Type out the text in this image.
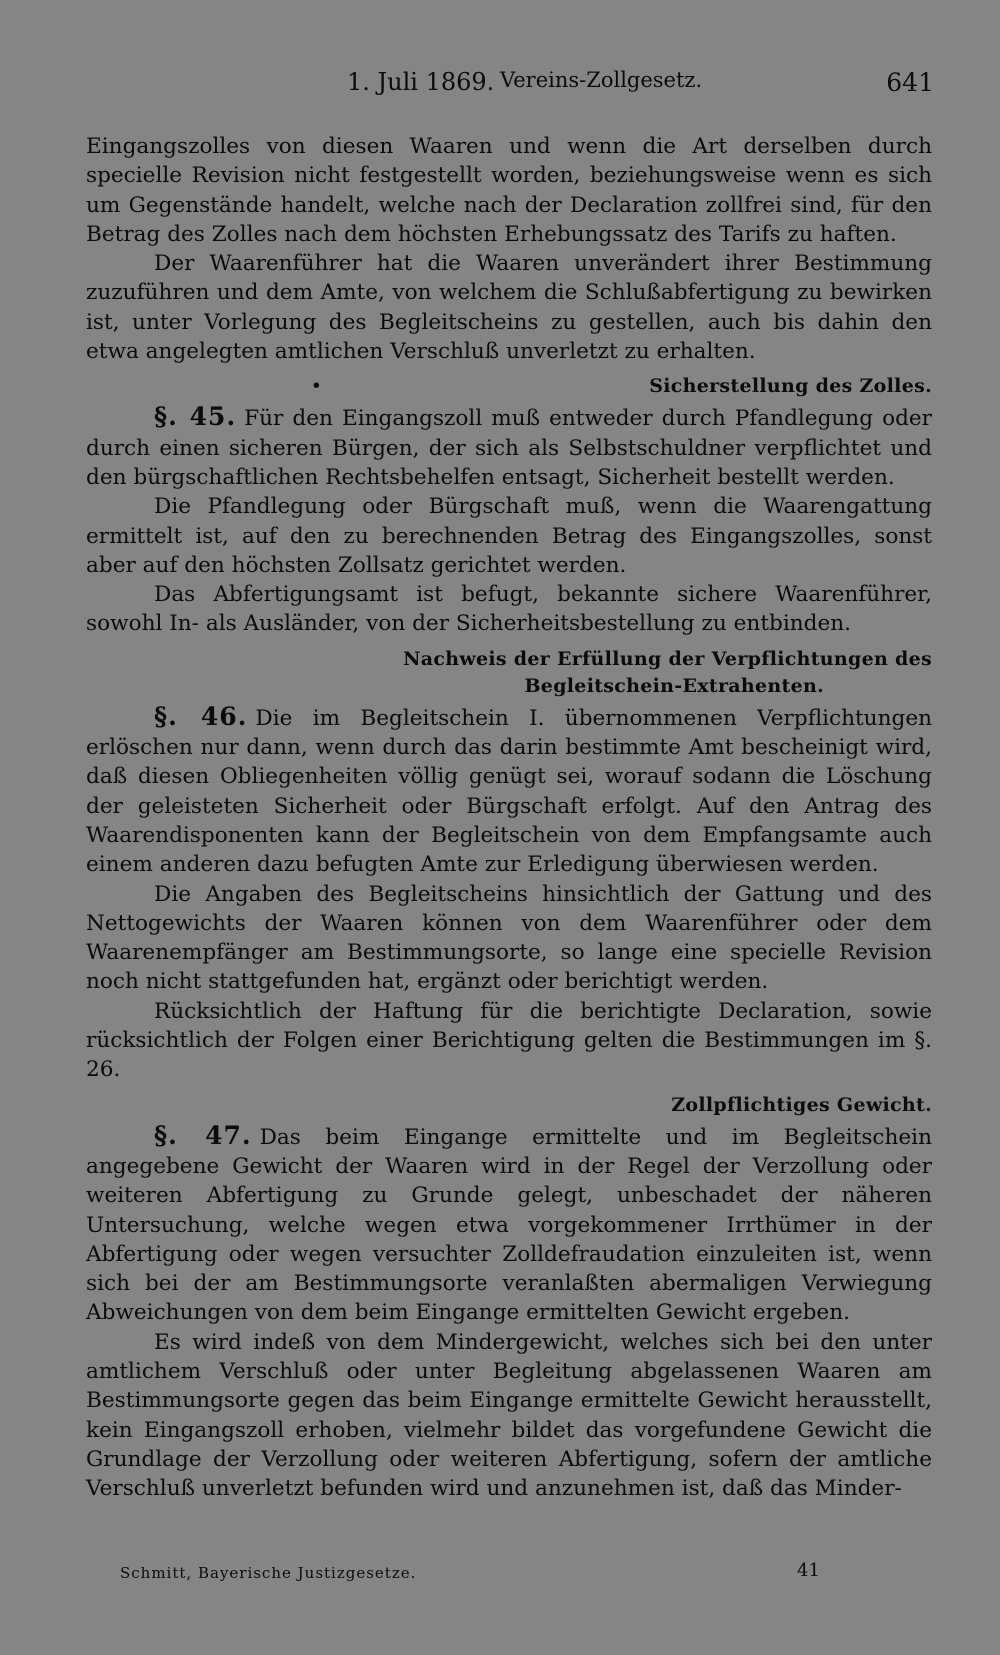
1. Juli 1869. Vereins-Zollgesetz.	641

Eingangszolles von diesen Waaren und wenn die Art derselben durch specielle Revision nicht festgestellt worden, beziehungsweise wenn es sich um Gegenstände handelt, welche nach der Declaration zollfrei sind, für den Betrag des Zolles nach dem höchsten Erhebungssatz des Tarifs zu haften.

Der Waarenführer hat die Waaren unverändert ihrer Bestimmung zuzuführen und dem Amte, von welchem die Schlußabfertigung zu bewirken ist, unter Vorlegung des Begleitscheins zu gestellen, auch bis dahin den etwa angelegten amtlichen Verschluß unverletzt zu erhalten.

•	Sicherstellung des Zolles.

§. 45. Für den Eingangszoll muß entweder durch Pfandlegung oder durch einen sicheren Bürgen, der sich als Selbstschuldner verpflichtet und den bürgschaftlichen Rechtsbehelfen entsagt, Sicherheit bestellt werden.

Die Pfandlegung oder Bürgschaft muß, wenn die Waarengattung ermittelt ist, auf den zu berechnenden Betrag des Eingangszolles, sonst aber auf den höchsten Zollsatz gerichtet werden.

Das Abfertigungsamt ist befugt, bekannte sichere Waarenführer, sowohl In- als Ausländer, von der Sicherheitsbestellung zu entbinden.

Nachweis der Erfüllung der Verpflichtungen des
Begleitschein-Extrahenten.

§. 46. Die im Begleitschein I. übernommenen Verpflichtungen erlöschen nur dann, wenn durch das darin bestimmte Amt bescheinigt wird, daß diesen Obliegenheiten völlig genügt sei, worauf sodann die Löschung der geleisteten Sicherheit oder Bürgschaft erfolgt. Auf den Antrag des Waarendisponenten kann der Begleitschein von dem Empfangsamte auch einem anderen dazu befugten Amte zur Erledigung überwiesen werden.

Die Angaben des Begleitscheins hinsichtlich der Gattung und des Nettogewichts der Waaren können von dem Waarenführer oder dem Waarenempfänger am Bestimmungsorte, so lange eine specielle Revision noch nicht stattgefunden hat, ergänzt oder berichtigt werden.

Rücksichtlich der Haftung für die berichtigte Declaration, sowie rücksichtlich der Folgen einer Berichtigung gelten die Bestimmungen im §. 26.

Zollpflichtiges Gewicht.

§. 47. Das beim Eingange ermittelte und im Begleitschein angegebene Gewicht der Waaren wird in der Regel der Verzollung oder weiteren Abfertigung zu Grunde gelegt, unbeschadet der näheren Untersuchung, welche wegen etwa vorgekommener Irrthümer in der Abfertigung oder wegen versuchter Zolldefraudation einzuleiten ist, wenn sich bei der am Bestimmungsorte veranlaßten abermaligen Verwiegung Abweichungen von dem beim Eingange ermittelten Gewicht ergeben.

Es wird indeß von dem Mindergewicht, welches sich bei den unter amtlichem Verschluß oder unter Begleitung abgelassenen Waaren am Bestimmungsorte gegen das beim Eingange ermittelte Gewicht herausstellt, kein Eingangszoll erhoben, vielmehr bildet das vorgefundene Gewicht die Grundlage der Verzollung oder weiteren Abfertigung, sofern der amtliche Verschluß unverletzt befunden wird und anzunehmen ist, daß das Minder-

Schmitt, Bayerische Justizgesetze.	41
